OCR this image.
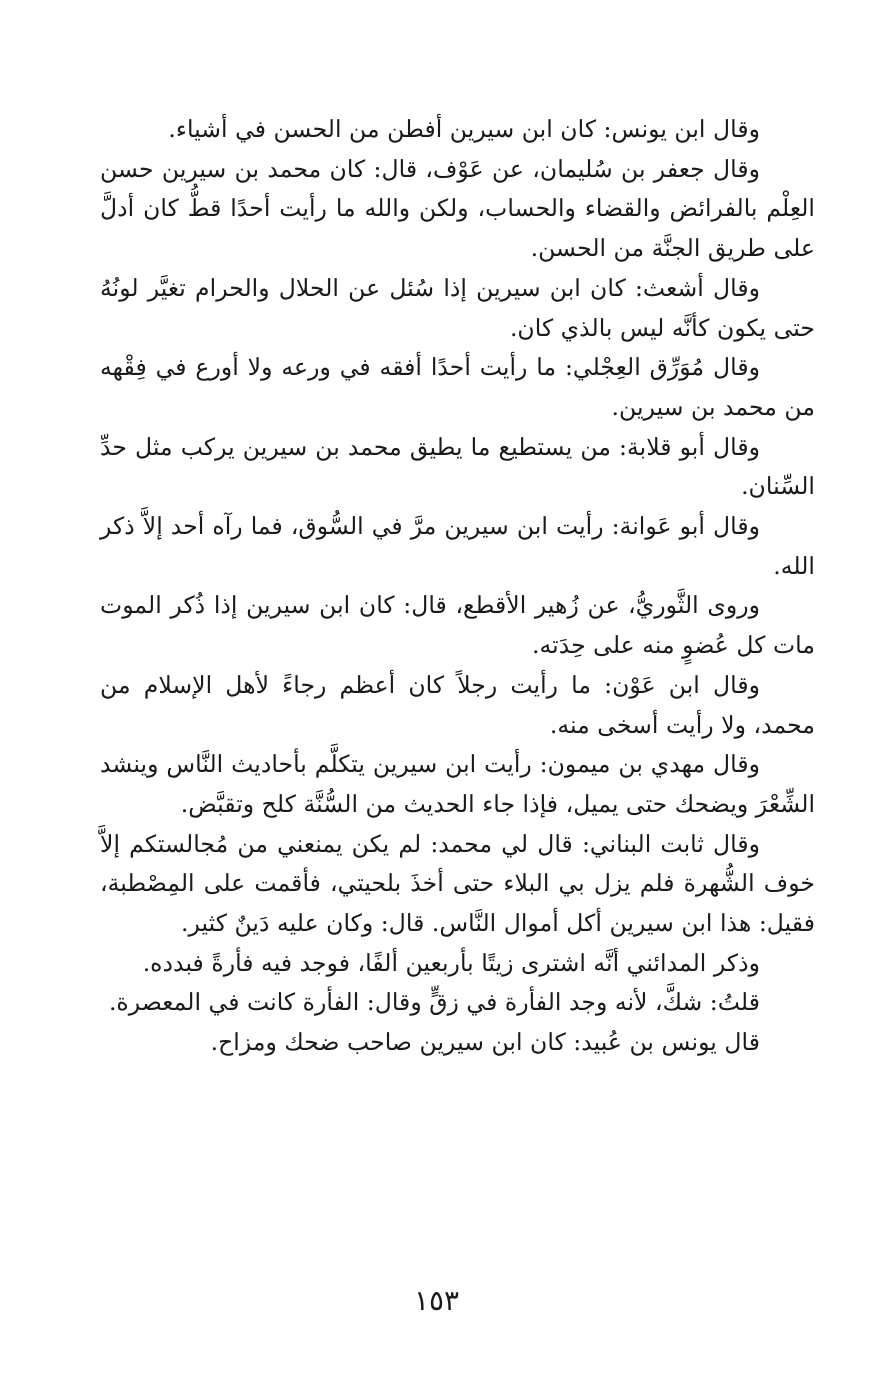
وقال ابن يونس: كان ابن سيرين أفطن من الحسن في أشياء.

وقال جعفر بن سُليمان، عن عَوْف، قال: كان محمد بن سيرين حسن العِلْم بالفرائض والقضاء والحساب، ولكن والله ما رأيت أحدًا قطُّ كان أدلَّ على طريق الجنَّة من الحسن.

وقال أشعث: كان ابن سيرين إذا سُئل عن الحلال والحرام تغيَّر لونُهُ حتى يكون كأنَّه ليس بالذي كان.

وقال مُوَرِّق العِجْلي: ما رأيت أحدًا أفقه في ورعه ولا أورع في فِقْهه من محمد بن سيرين.

وقال أبو قلابة: من يستطيع ما يطيق محمد بن سيرين يركب مثل حدِّ السِّنان.

وقال أبو عَوانة: رأيت ابن سيرين مرَّ في السُّوق، فما رآه أحد إلاَّ ذكر الله.

وروى الثَّوريُّ، عن زُهير الأقطع، قال: كان ابن سيرين إذا ذُكر الموت مات كل عُضوٍ منه على حِدَته.

وقال ابن عَوْن: ما رأيت رجلاً كان أعظم رجاءً لأهل الإسلام من محمد، ولا رأيت أسخى منه.

وقال مهدي بن ميمون: رأيت ابن سيرين يتكلَّم بأحاديث النَّاس وينشد الشِّعْرَ ويضحك حتى يميل، فإذا جاء الحديث من السُّنَّة كلح وتقبَّض.

وقال ثابت البناني: قال لي محمد: لم يكن يمنعني من مُجالستكم إلاَّ خوف الشُّهرة فلم يزل بي البلاء حتى أخذَ بلحيتي، فأقمت على المِصْطبة، فقيل: هذا ابن سيرين أكل أموال النَّاس. قال: وكان عليه دَينٌ كثير.

وذكر المدائني أنَّه اشترى زيتًا بأربعين ألفًا، فوجد فيه فأرةً فبدده.

قلتُ: شكَّ، لأنه وجد الفأرة في زقٍّ وقال: الفأرة كانت في المعصرة.

قال يونس بن عُبيد: كان ابن سيرين صاحب ضحك ومزاح.

١٥٣
